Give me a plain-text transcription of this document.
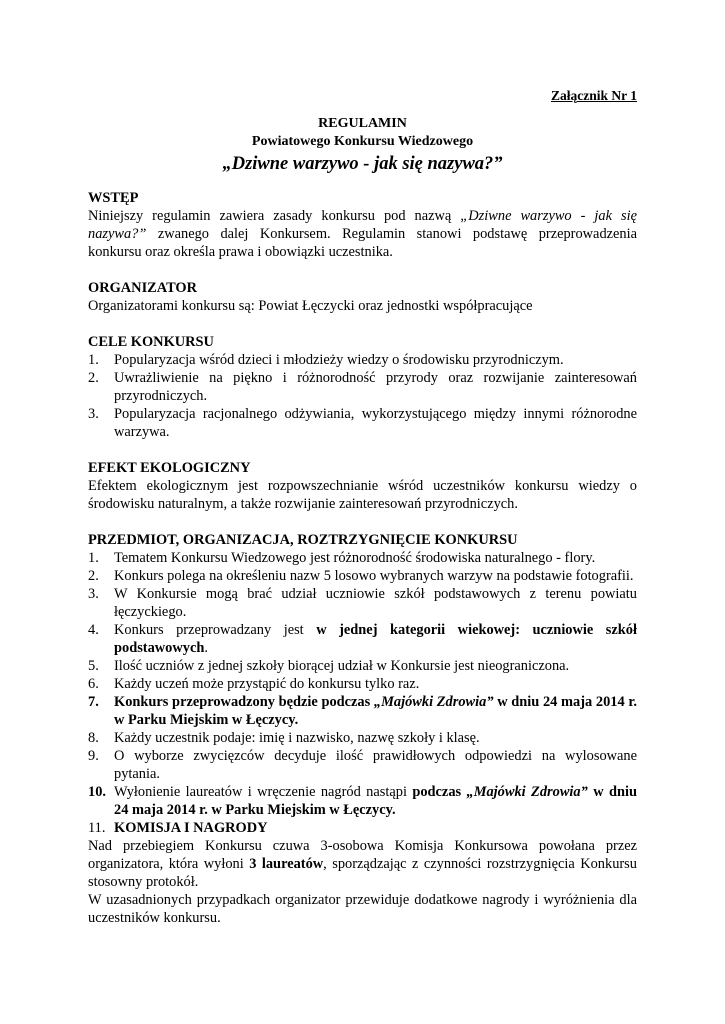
Załącznik Nr 1
REGULAMIN
Powiatowego Konkursu Wiedzowego
„Dziwne warzywo - jak się nazywa?”
WSTĘP

Niniejszy regulamin zawiera zasady konkursu pod nazwą „Dziwne warzywo - jak się nazywa?” zwanego dalej Konkursem. Regulamin stanowi podstawę przeprowadzenia konkursu oraz określa prawa i obowiązki uczestnika.

ORGANIZATOR

Organizatorami konkursu są: Powiat Łęczycki oraz jednostki współpracujące

CELE KONKURSU
1.	Popularyzacja wśród dzieci i młodzieży wiedzy o środowisku przyrodniczym.
2.	Uwrażliwienie na piękno i różnorodność przyrody oraz rozwijanie zainteresowań przyrodniczych.
3.	Popularyzacja racjonalnego odżywiania, wykorzystującego między innymi różnorodne warzywa.
EFEKT EKOLOGICZNY

Efektem ekologicznym jest rozpowszechnianie wśród uczestników konkursu wiedzy o środowisku naturalnym, a także rozwijanie zainteresowań przyrodniczych.

PRZEDMIOT, ORGANIZACJA, ROZTRZYGNIĘCIE KONKURSU
1.	Tematem Konkursu Wiedzowego jest różnorodność środowiska naturalnego - flory.
2.	Konkurs polega na określeniu nazw 5 losowo wybranych warzyw na podstawie fotografii.
3.	W Konkursie mogą brać udział uczniowie szkół podstawowych z terenu powiatu łęczyckiego.
4.	Konkurs przeprowadzany jest w jednej kategorii wiekowej: uczniowie szkół podstawowych.
5.	Ilość uczniów z jednej szkoły biorącej udział w Konkursie jest nieograniczona.
6.	Każdy uczeń może przystąpić do konkursu tylko raz.
7.	Konkurs przeprowadzony będzie podczas „Majówki Zdrowia” w dniu 24 maja 2014 r. w Parku Miejskim w Łęczycy.
8.	Każdy uczestnik podaje: imię i nazwisko, nazwę szkoły i klasę.
9.	O wyborze zwycięzców decyduje ilość prawidłowych odpowiedzi na wylosowane pytania.
10. Wyłonienie laureatów i wręczenie nagród nastąpi podczas „Majówki Zdrowia” w dniu 24 maja 2014 r. w Parku Miejskim w Łęczycy.
11. KOMISJA I NAGRODY

Nad przebiegiem Konkursu czuwa 3-osobowa Komisja Konkursowa powołana przez organizatora, która wyłoni 3 laureatów, sporządzając z czynności rozstrzygnięcia Konkursu stosowny protokół.

W uzasadnionych przypadkach organizator przewiduje dodatkowe nagrody i wyróżnienia dla uczestników konkursu.
